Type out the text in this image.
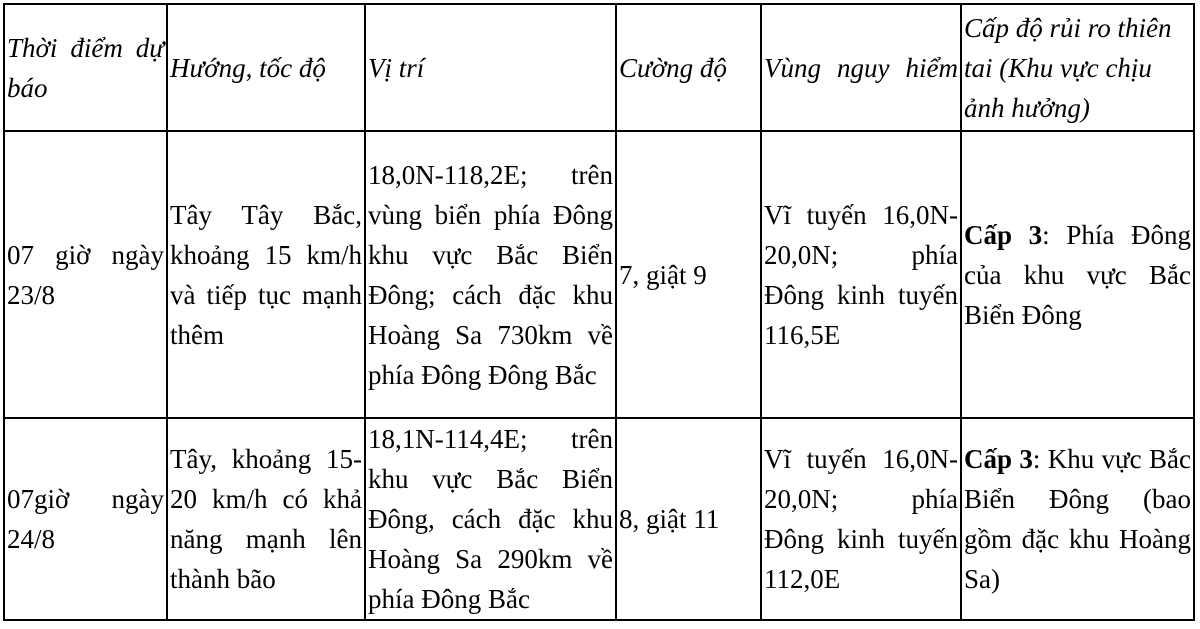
Thời điểm dự báo	Hướng, tốc độ	Vị trí	Cường độ	Vùng nguy hiểm	Cấp độ rủi ro thiên tai (Khu vực chịu ảnh hưởng)
07 giờ ngày 23/8	Tây Tây Bắc, khoảng 15 km/h và tiếp tục mạnh thêm	18,0N-118,2E; trên vùng biển phía Đông khu vực Bắc Biển Đông; cách đặc khu Hoàng Sa 730km về phía Đông Đông Bắc	7, giật 9	Vĩ tuyến 16,0N-20,0N; phía Đông kinh tuyến 116,5E	Cấp 3: Phía Đông của khu vực Bắc Biển Đông
07giờ ngày 24/8	Tây, khoảng 15-20 km/h có khả năng mạnh lên thành bão	18,1N-114,4E; trên khu vực Bắc Biển Đông, cách đặc khu Hoàng Sa 290km về phía Đông Bắc	8, giật 11	Vĩ tuyến 16,0N-20,0N; phía Đông kinh tuyến 112,0E	Cấp 3: Khu vực Bắc Biển Đông (bao gồm đặc khu Hoàng Sa)
